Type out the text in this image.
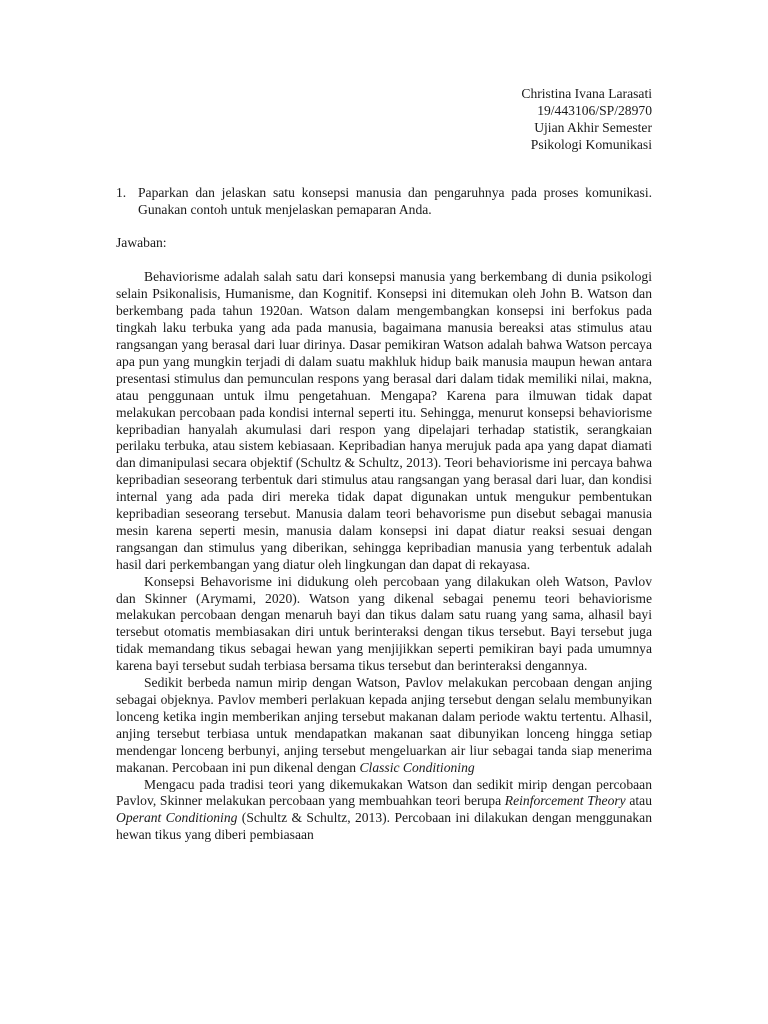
Christina Ivana Larasati
19/443106/SP/28970
Ujian Akhir Semester
Psikologi Komunikasi
1. Paparkan dan jelaskan satu konsepsi manusia dan pengaruhnya pada proses komunikasi. Gunakan contoh untuk menjelaskan pemaparan Anda.
Jawaban:

Behaviorisme adalah salah satu dari konsepsi manusia yang berkembang di dunia psikologi selain Psikonalisis, Humanisme, dan Kognitif. Konsepsi ini ditemukan oleh John B. Watson dan berkembang pada tahun 1920an. Watson dalam mengembangkan konsepsi ini berfokus pada tingkah laku terbuka yang ada pada manusia, bagaimana manusia bereaksi atas stimulus atau rangsangan yang berasal dari luar dirinya. Dasar pemikiran Watson adalah bahwa Watson percaya apa pun yang mungkin terjadi di dalam suatu makhluk hidup baik manusia maupun hewan antara presentasi stimulus dan pemunculan respons yang berasal dari dalam tidak memiliki nilai, makna, atau penggunaan untuk ilmu pengetahuan. Mengapa? Karena para ilmuwan tidak dapat melakukan percobaan pada kondisi internal seperti itu. Sehingga, menurut konsepsi behaviorisme kepribadian hanyalah akumulasi dari respon yang dipelajari terhadap statistik, serangkaian perilaku terbuka, atau sistem kebiasaan. Kepribadian hanya merujuk pada apa yang dapat diamati dan dimanipulasi secara objektif (Schultz & Schultz, 2013). Teori behaviorisme ini percaya bahwa kepribadian seseorang terbentuk dari stimulus atau rangsangan yang berasal dari luar, dan kondisi internal yang ada pada diri mereka tidak dapat digunakan untuk mengukur pembentukan kepribadian seseorang tersebut. Manusia dalam teori behavorisme pun disebut sebagai manusia mesin karena seperti mesin, manusia dalam konsepsi ini dapat diatur reaksi sesuai dengan rangsangan dan stimulus yang diberikan, sehingga kepribadian manusia yang terbentuk adalah hasil dari perkembangan yang diatur oleh lingkungan dan dapat di rekayasa.

Konsepsi Behavorisme ini didukung oleh percobaan yang dilakukan oleh Watson, Pavlov dan Skinner (Arymami, 2020). Watson yang dikenal sebagai penemu teori behaviorisme melakukan percobaan dengan menaruh bayi dan tikus dalam satu ruang yang sama, alhasil bayi tersebut otomatis membiasakan diri untuk berinteraksi dengan tikus tersebut. Bayi tersebut juga tidak memandang tikus sebagai hewan yang menjijikkan seperti pemikiran bayi pada umumnya karena bayi tersebut sudah terbiasa bersama tikus tersebut dan berinteraksi dengannya.

Sedikit berbeda namun mirip dengan Watson, Pavlov melakukan percobaan dengan anjing sebagai objeknya. Pavlov memberi perlakuan kepada anjing tersebut dengan selalu membunyikan lonceng ketika ingin memberikan anjing tersebut makanan dalam periode waktu tertentu. Alhasil, anjing tersebut terbiasa untuk mendapatkan makanan saat dibunyikan lonceng hingga setiap mendengar lonceng berbunyi, anjing tersebut mengeluarkan air liur sebagai tanda siap menerima makanan. Percobaan ini pun dikenal dengan Classic Conditioning

Mengacu pada tradisi teori yang dikemukakan Watson dan sedikit mirip dengan percobaan Pavlov, Skinner melakukan percobaan yang membuahkan teori berupa Reinforcement Theory atau Operant Conditioning (Schultz & Schultz, 2013). Percobaan ini dilakukan dengan menggunakan hewan tikus yang diberi pembiasaan
